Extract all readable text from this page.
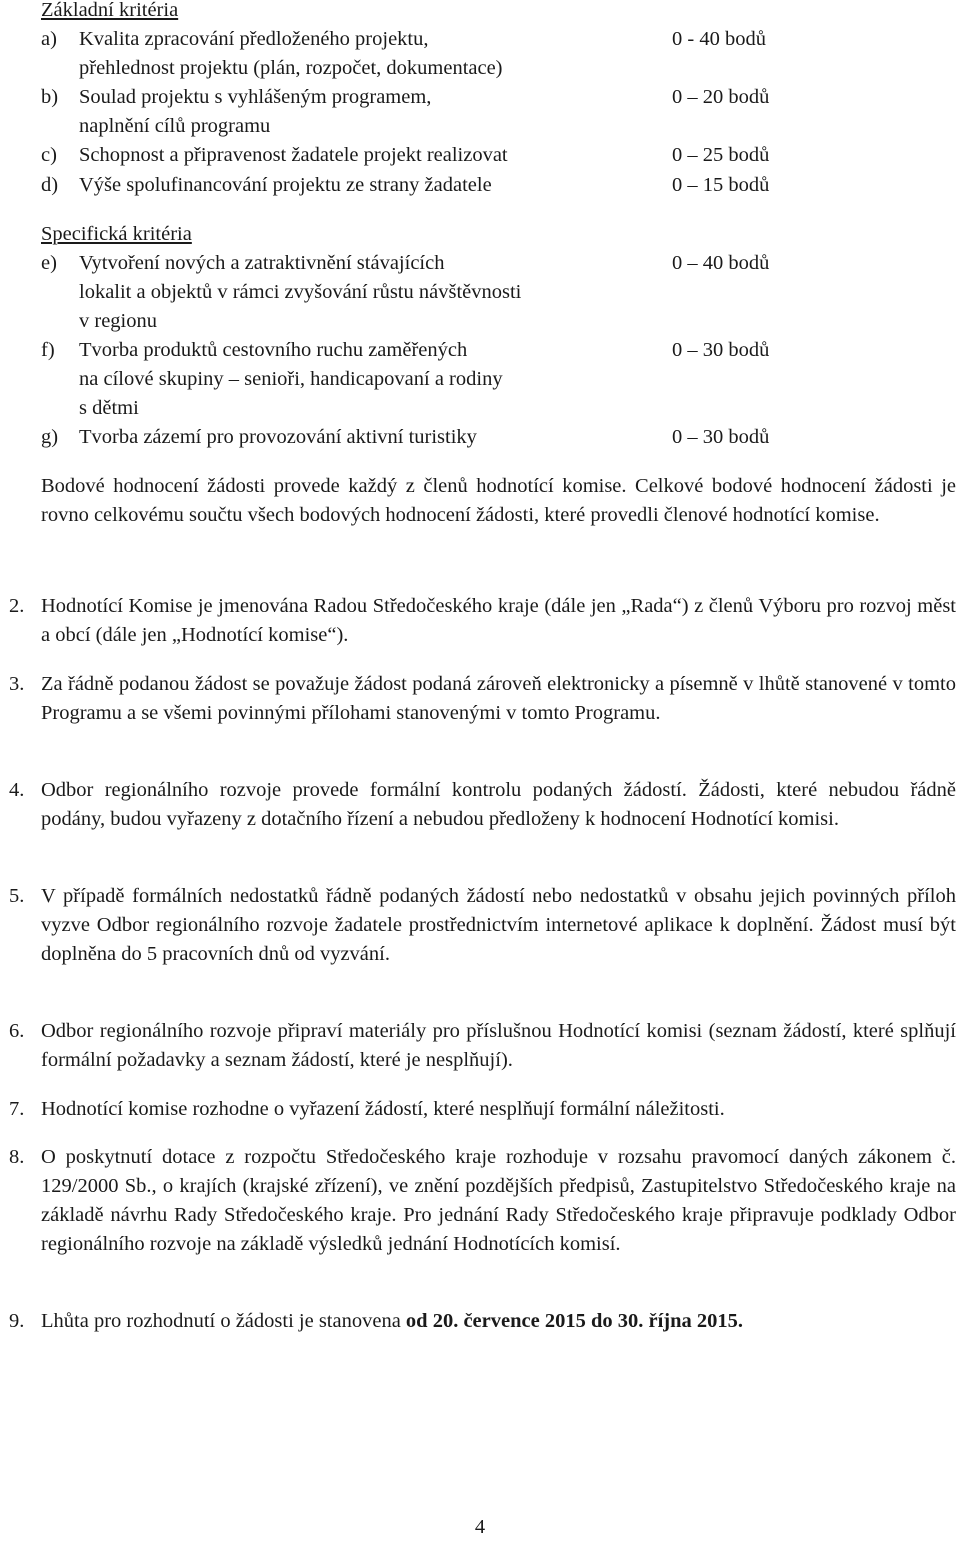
Základní kritéria
a) Kvalita zpracování předloženého projektu,
přehlednost projektu (plán, rozpočet, dokumentace)
0 - 40 bodů
b) Soulad projektu s vyhlášeným programem,
naplnění cílů programu
0 – 20 bodů
c) Schopnost a připravenost žadatele projekt realizovat	0 – 25 bodů
d) Výše spolufinancování projektu ze strany žadatele	0 – 15 bodů
Specifická kritéria
e) Vytvoření nových a zatraktivnění stávajících
lokalit a objektů v rámci zvyšování růstu návštěvnosti
v regionu
0 – 40 bodů
f) Tvorba produktů cestovního ruchu zaměřených
na cílové skupiny – senioři, handicapovaní a rodiny
s dětmi
0 – 30 bodů
g) Tvorba zázemí pro provozování aktivní turistiky	0 – 30 bodů
Bodové hodnocení žádosti provede každý z členů hodnotící komise. Celkové bodové hodnocení žádosti je rovno celkovému součtu všech bodových hodnocení žádosti, které provedli členové hodnotící komise.
2. Hodnotící Komise je jmenována Radou Středočeského kraje (dále jen „Rada“) z členů Výboru pro rozvoj měst a obcí (dále jen „Hodnotící komise“).
3. Za řádně podanou žádost se považuje žádost podaná zároveň elektronicky a písemně v lhůtě stanovené v tomto Programu a se všemi povinnými přílohami stanovenými v tomto Programu.
4. Odbor regionálního rozvoje provede formální kontrolu podaných žádostí. Žádosti, které nebudou řádně podány, budou vyřazeny z dotačního řízení a nebudou předloženy k hodnocení Hodnotící komisi.
5. V případě formálních nedostatků řádně podaných žádostí nebo nedostatků v obsahu jejich povinných příloh vyzve Odbor regionálního rozvoje žadatele prostřednictvím internetové aplikace k doplnění. Žádost musí být doplněna do 5 pracovních dnů od vyzvání.
6. Odbor regionálního rozvoje připraví materiály pro příslušnou Hodnotící komisi (seznam žádostí, které splňují formální požadavky a seznam žádostí, které je nesplňují).
7. Hodnotící komise rozhodne o vyřazení žádostí, které nesplňují formální náležitosti.
8. O poskytnutí dotace z rozpočtu Středočeského kraje rozhoduje v rozsahu pravomocí daných zákonem č. 129/2000 Sb., o krajích (krajské zřízení), ve znění pozdějších předpisů, Zastupitelstvo Středočeského kraje na základě návrhu Rady Středočeského kraje. Pro jednání Rady Středočeského kraje připravuje podklady Odbor regionálního rozvoje na základě výsledků jednání Hodnotících komisí.
9. Lhůta pro rozhodnutí o žádosti je stanovena od 20. července 2015 do 30. října 2015.
4
